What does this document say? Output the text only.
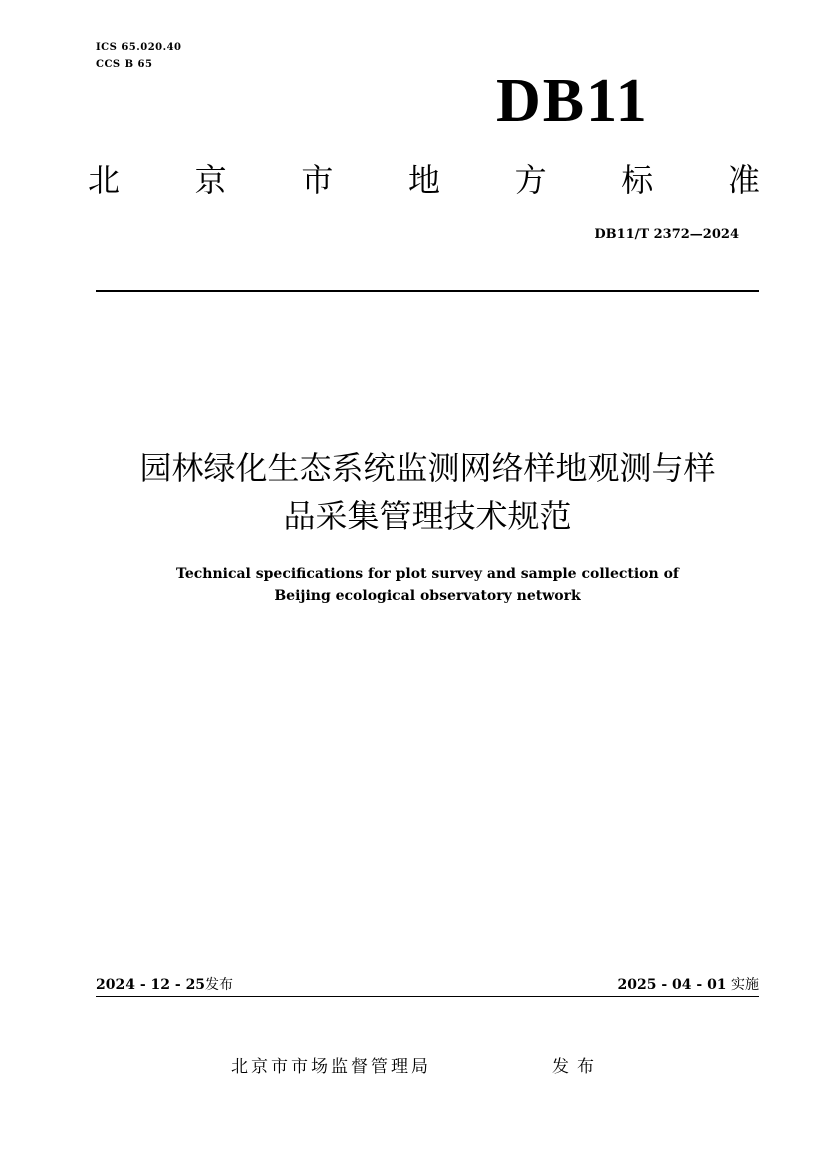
ICS 65.020.40
CCS B 65
DB11
北 京 市 地 方 标 准
DB11/T 2372—2024
园林绿化生态系统监测网络样地观测与样
品采集管理技术规范
Technical specifications for plot survey and sample collection of
Beijing ecological observatory network
2024 - 12 - 25发布	2025 - 04 - 01 实施
北京市市场监督管理局	发布
